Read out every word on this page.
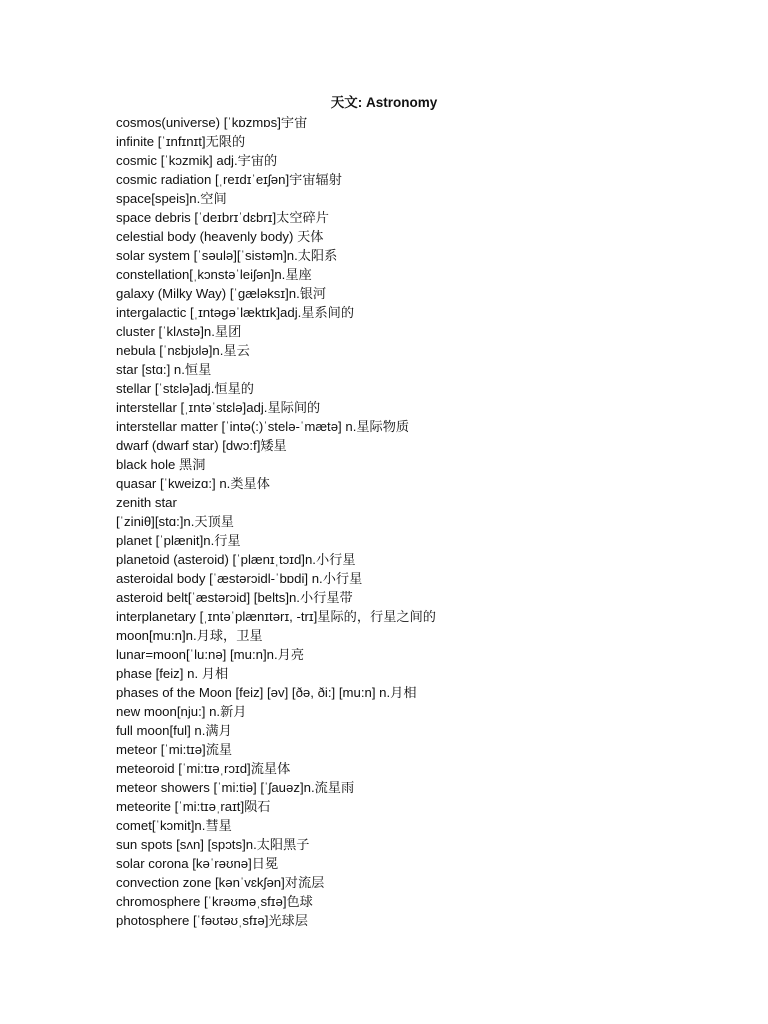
天文: Astronomy
cosmos(universe) [ˈkɒzmɒs]宇宙
infinite [ˈɪnfɪnɪt]无限的
cosmic [ˈkɔzmik] adj.宇宙的
cosmic radiation [ˌreɪdɪˈeɪʃən]宇宙辐射
space[speis]n.空间
space debris [ˈdeɪbrɪˈdɛbrɪ]太空碎片
celestial body (heavenly body) 天体
solar system [ˈsəulə][ˈsistəm]n.太阳系
constellation[ˌkɔnstəˈleiʃən]n.星座
galaxy (Milky Way) [ˈgæləksɪ]n.银河
intergalactic [ˌɪntəgəˈlæktɪk]adj.星系间的
cluster [ˈklʌstə]n.星团
nebula [ˈnɛbjʊlə]n.星云
star [stɑ:] n.恒星
stellar [ˈstɛlə]adj.恒星的
interstellar [ˌɪntəˈstɛlə]adj.星际间的
interstellar matter [ˈintə(:)ˈstelə-ˈmætə] n.星际物质
dwarf (dwarf star) [dwɔ:f]矮星
black hole 黑洞
quasar [ˈkweizɑ:] n.类星体
zenith star
[ˈziniθ][stɑ:]n.天顶星
planet [ˈplænit]n.行星
planetoid (asteroid) [ˈplænɪˌtɔɪd]n.小行星
asteroidal body [ˈæstərɔidl-ˈbɒdi] n.小行星
asteroid belt[ˈæstərɔid] [belts]n.小行星带
interplanetary [ˌɪntəˈplænɪtərɪ, -trɪ]星际的，行星之间的
moon[mu:n]n.月球，卫星
lunar=moon[ˈlu:nə] [mu:n]n.月亮
phase [feiz] n. 月相
phases of the Moon [feiz] [əv] [ðə, ði:] [mu:n] n.月相
new moon[nju:] n.新月
full moon[ful] n.满月
meteor [ˈmi:tɪə]流星
meteoroid [ˈmi:tɪəˌrɔɪd]流星体
meteor showers [ˈmi:tiə] [ˈʃauəz]n.流星雨
meteorite [ˈmi:tɪəˌraɪt]陨石
comet[ˈkɔmit]n.彗星
sun spots [sʌn] [spɔts]n.太阳黑子
solar corona [kəˈrəʊnə]日冕
convection zone [kənˈvɛkʃən]对流层
chromosphere [ˈkrəʊməˌsfɪə]色球
photosphere [ˈfəʊtəʊˌsfɪə]光球层
